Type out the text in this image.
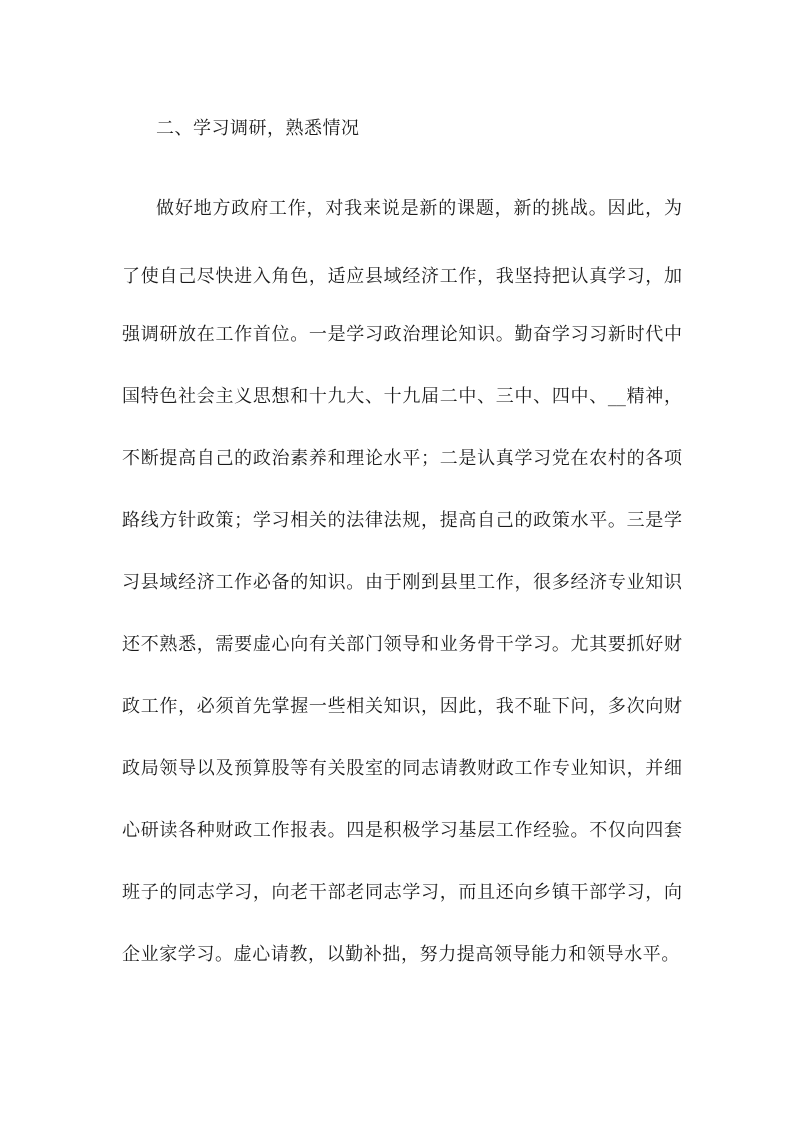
二、学习调研，熟悉情况
做好地方政府工作，对我来说是新的课题，新的挑战。因此，为
了使自己尽快进入角色，适应县域经济工作，我坚持把认真学习，加
强调研放在工作首位。一是学习政治理论知识。勤奋学习习新时代中
国特色社会主义思想和十九大、十九届二中、三中、四中、__精神，
不断提高自己的政治素养和理论水平；二是认真学习党在农村的各项
路线方针政策；学习相关的法律法规，提高自己的政策水平。三是学
习县域经济工作必备的知识。由于刚到县里工作，很多经济专业知识
还不熟悉，需要虚心向有关部门领导和业务骨干学习。尤其要抓好财
政工作，必须首先掌握一些相关知识，因此，我不耻下问，多次向财
政局领导以及预算股等有关股室的同志请教财政工作专业知识，并细
心研读各种财政工作报表。四是积极学习基层工作经验。不仅向四套
班子的同志学习，向老干部老同志学习，而且还向乡镇干部学习，向
企业家学习。虚心请教，以勤补拙，努力提高领导能力和领导水平。
